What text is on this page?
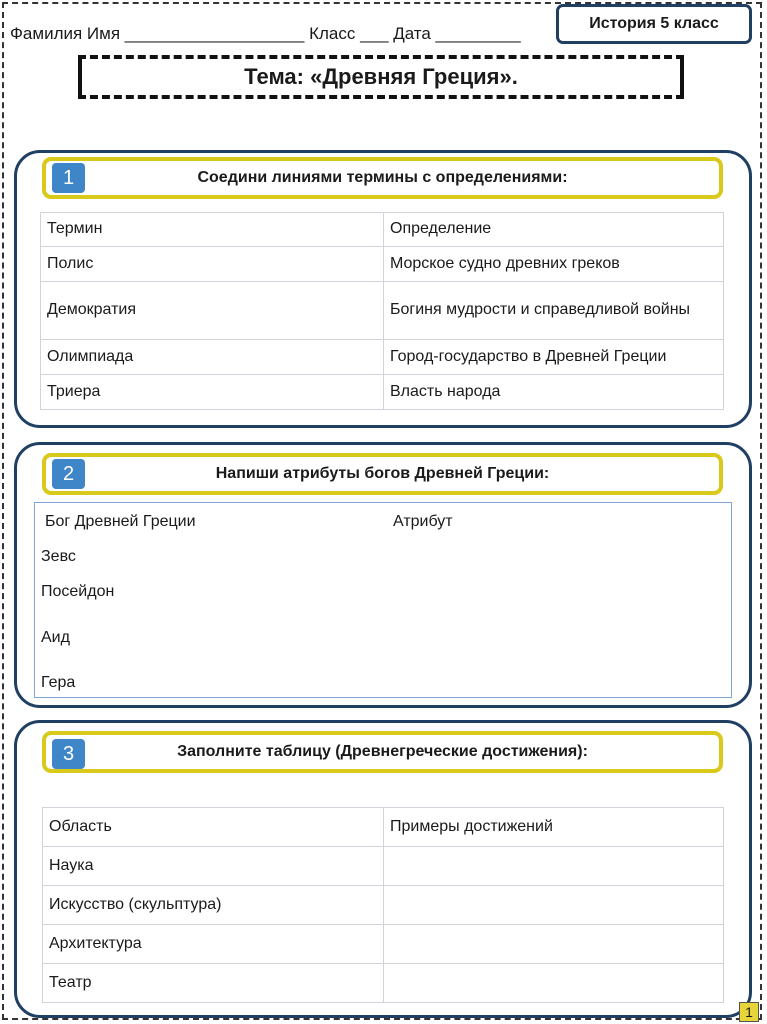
Фамилия Имя ___________________ Класс ___ Дата _________
История 5 класс
Тема: «Древняя Греция».
Соедини линиями термины с определениями:
1
Термин	Определение
Полис	Морское судно древних греков
Демократия	Богиня мудрости и справедливой войны
Олимпиада	Город-государство в Древней Греции
Триера	Власть народа
Напиши атрибуты богов Древней Греции:
2
Бог Древней Греции	Атрибут
Зевс
Посейдон
Аид
Гера
Заполните таблицу (Древнегреческие достижения):
3
Область	Примеры достижений
Наука	
Искусство (скульптура)	
Архитектура	
Театр	
1
